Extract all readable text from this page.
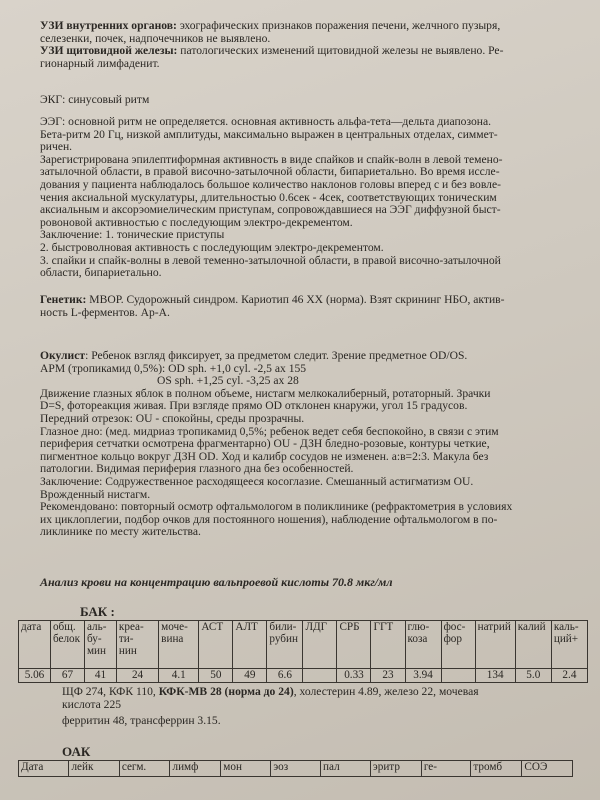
УЗИ внутренних органов: эхографических признаков поражения печени, желчного пузыря,
селезенки, почек, надпочечников не выявлено.
УЗИ щитовидной железы: патологических изменений щитовидной железы не выявлено. Ре-
гионарный лимфаденит.
ЭКГ: синусовый ритм
ЭЭГ: основной ритм не определяется. основная активность альфа-тета—дельта диапозона.
Бета-ритм 20 Гц, низкой амплитуды, максимально выражен в центральных отделах, симмет-
ричен.
Зарегистрирована эпилептиформная активность в виде спайков и спайк-волн в левой темено-
затылочной области, в правой височно-затылочной области, бипариетально. Во время иссле-
дования у пациента наблюдалось большое количество наклонов головы вперед с и без вовле-
чения аксиальной мускулатуры, длительностью 0.6сек - 4сек, соответствующих тоническим
аксиальным и аксорэомиелическим приступам, сопровождавшиеся на ЭЭГ диффузной быст-
ровоновой активностью с последующим электро-декрементом.
Заключение: 1. тонические приступы
2. быстроволновая активность с последующим электро-декрементом.
3. спайки и спайк-волны в левой теменно-затылочной области, в правой височно-затылочной
области, бипариетально.
Генетик: МВОР. Судорожный синдром. Кариотип 46 ХХ (норма). Взят скрининг НБО, актив-
ность L-ферментов. Ар-А.
Окулист: Ребенок взгляд фиксирует, за предметом следит. Зрение предметное OD/OS.
АРМ (тропикамид 0,5%): OD sph. +1,0 cyl. -2,5 ax 155
OS sph. +1,25 cyl. -3,25 ax 28
Движение глазных яблок в полном объеме, нистагм мелкокалиберный, ротаторный. Зрачки
D=S, фотореакция живая. При взгляде прямо OD отклонен кнаружи, угол 15 градусов.
Передний отрезок: OU - спокойны, среды прозрачны.
Глазное дно: (мед. мидриаз тропикамид 0,5%; ребенок ведет себя беспокойно, в связи с этим
периферия сетчатки осмотрена фрагментарно) OU - ДЗН бледно-розовые, контуры четкие,
пигментное кольцо вокруг ДЗН OD. Ход и калибр сосудов не изменен. а:в=2:3. Макула без
патологии. Видимая периферия глазного дна без особенностей.
Заключение: Содружественное расходящееся косоглазие. Смешанный астигматизм OU.
Врожденный нистагм.
Рекомендовано: повторный осмотр офтальмологом в поликлинике (рефрактометрия в условиях
их циклоплегии, подбор очков для постоянного ношения), наблюдение офтальмологом в по-
ликлинике по месту жительства.
Анализ крови на концентрацию вальпроевой кислоты 70.8 мкг/мл
БАК :
дата	общ.
белок	аль-
бу-
мин	креа-
ти-
нин	моче-
вина	АСТ	АЛТ	били-
рубин	ЛДГ	СРБ	ГГТ	глю-
коза	фос-
фор	натрий	калий	каль-
ций+
5.06	67	41	24	4.1	50	49	6.6		0.33	23	3.94		134	5.0	2.4
ЩФ 274, КФК 110, КФК-МВ 28 (норма до 24), холестерин 4.89, железо 22, мочевая
кислота 225
ферритин 48, трансферрин 3.15.
ОАК
Дата	лейк	сегм.	лимф	мон	эоз	пал	эритр	ге-	тромб	СОЭ
